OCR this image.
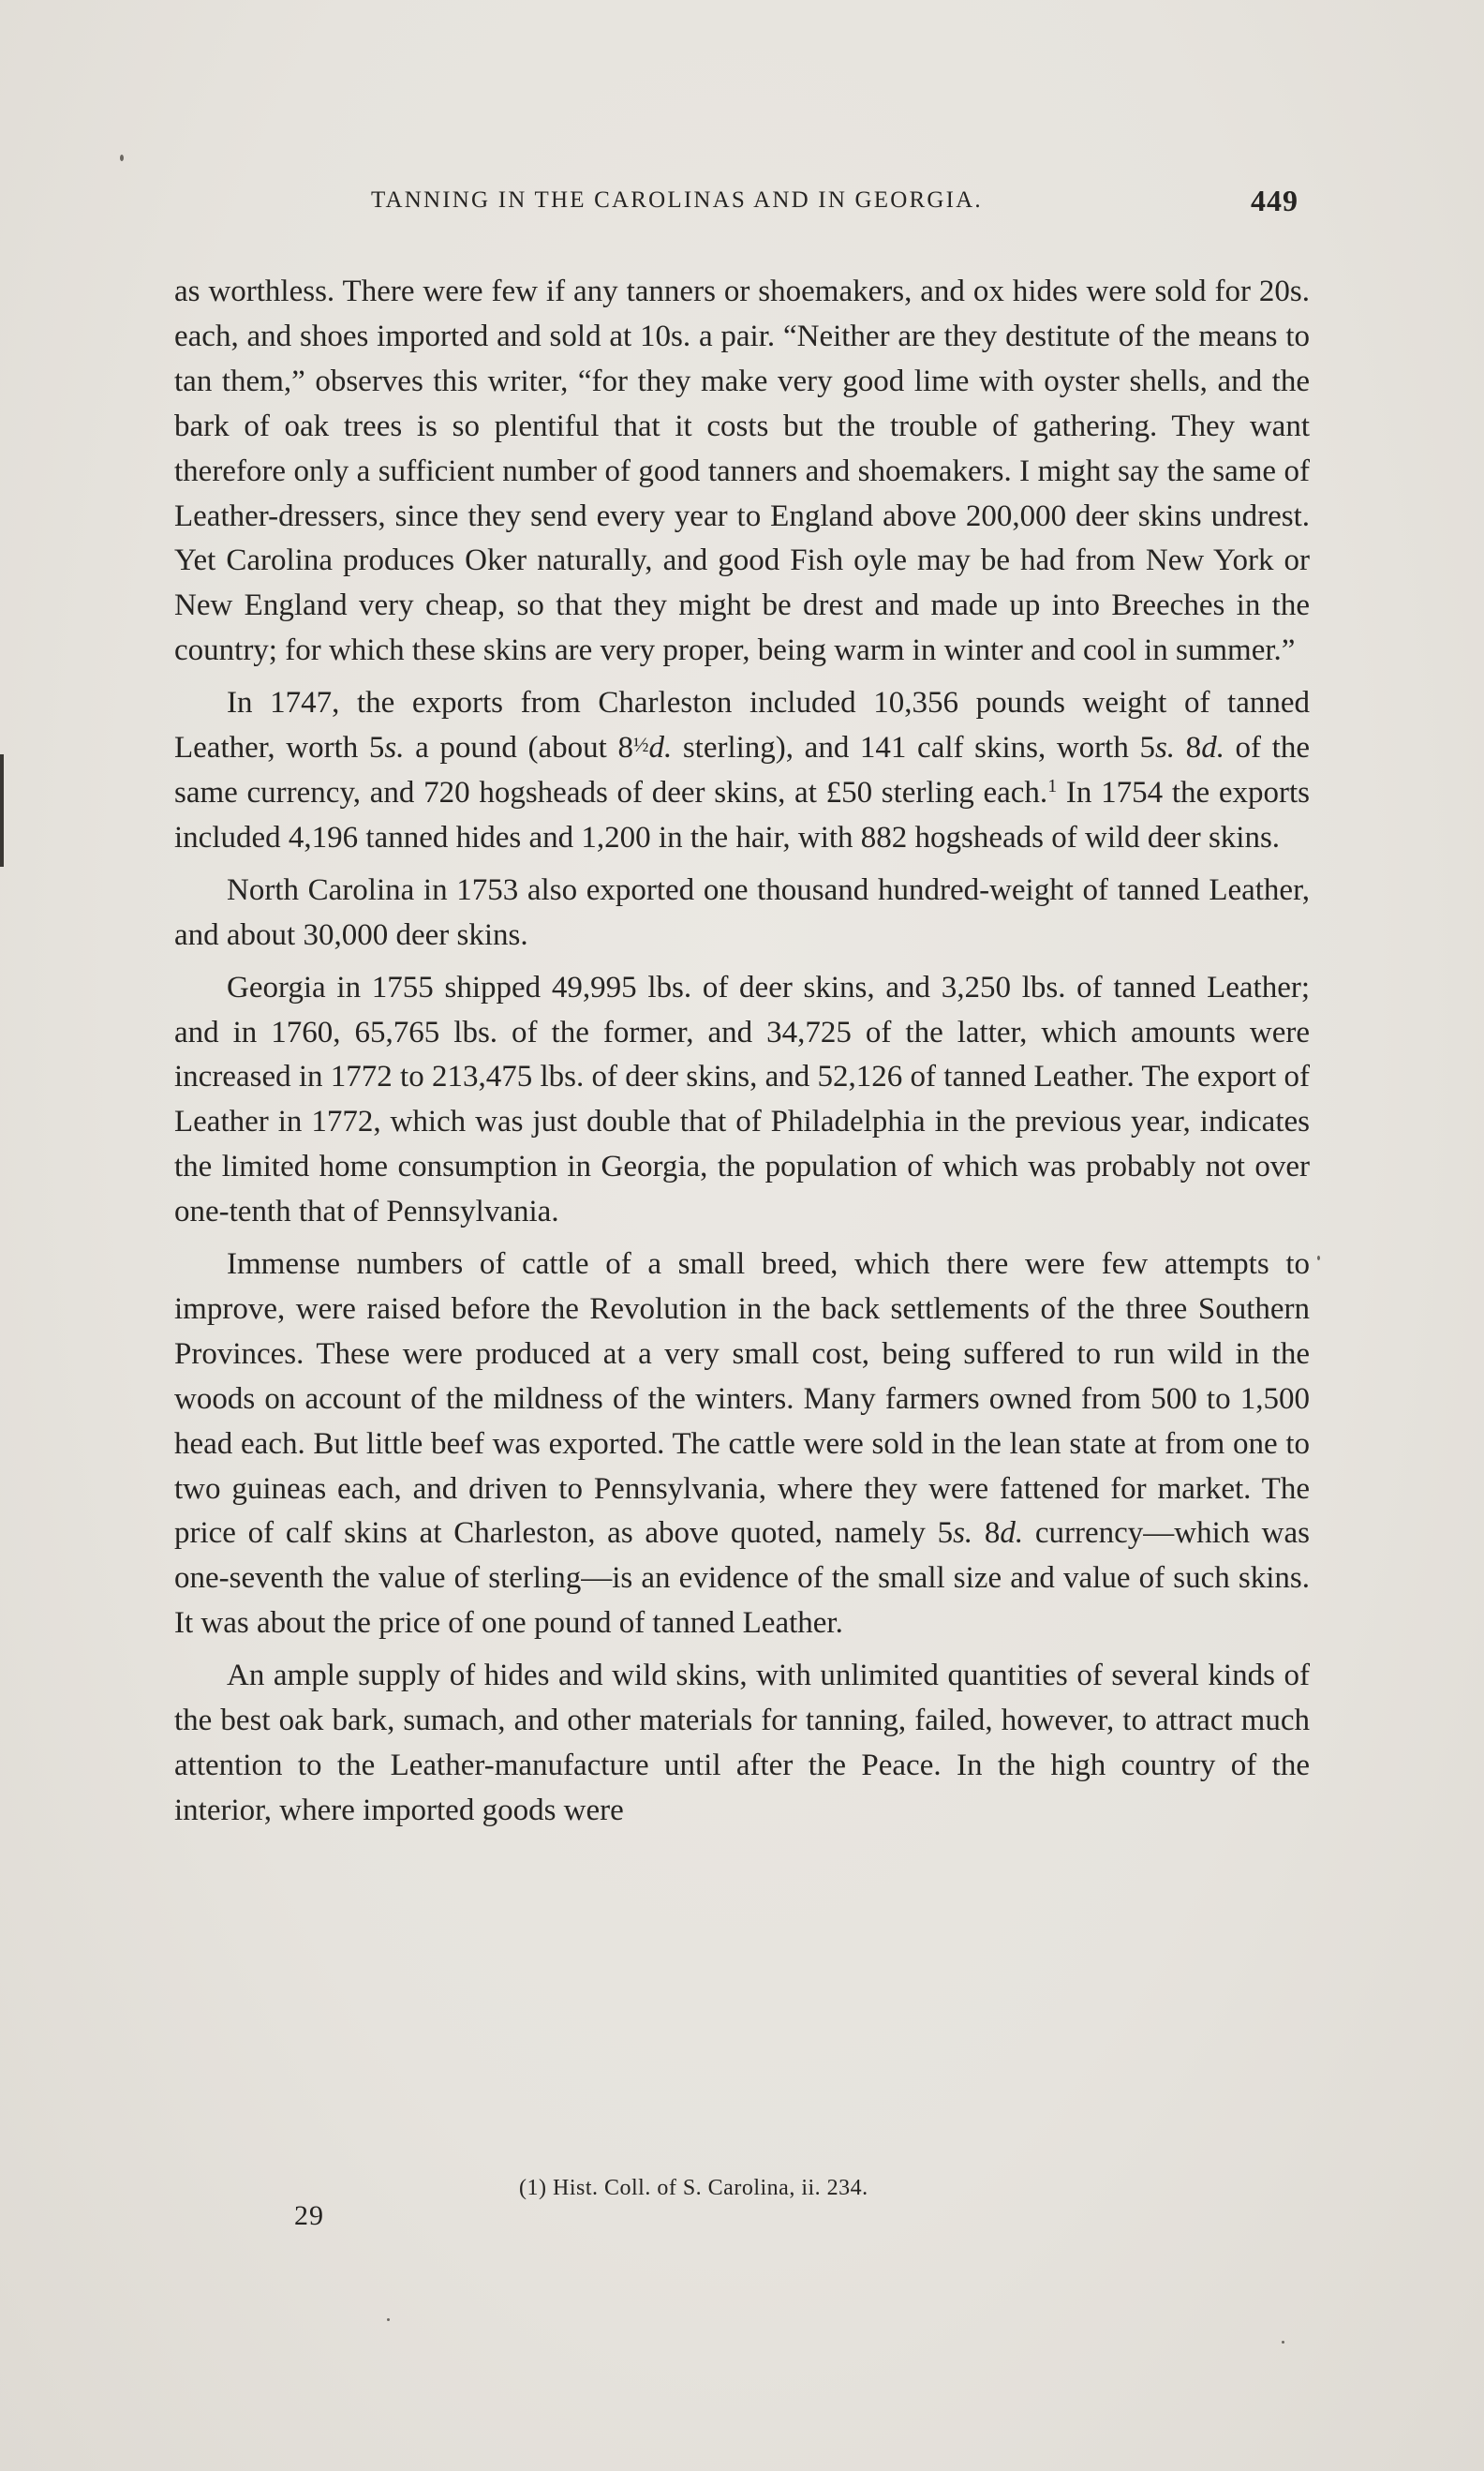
TANNING IN THE CAROLINAS AND IN GEORGIA.	449

as worthless. There were few if any tanners or shoemakers, and ox hides were sold for 20s. each, and shoes imported and sold at 10s. a pair. “Neither are they destitute of the means to tan them,” observes this writer, “for they make very good lime with oyster shells, and the bark of oak trees is so plentiful that it costs but the trouble of gathering. They want therefore only a sufficient number of good tanners and shoemakers. I might say the same of Leather-dressers, since they send every year to England above 200,000 deer skins undrest. Yet Carolina produces Oker naturally, and good Fish oyle may be had from New York or New England very cheap, so that they might be drest and made up into Breeches in the country; for which these skins are very proper, being warm in winter and cool in summer.”

In 1747, the exports from Charleston included 10,356 pounds weight of tanned Leather, worth 5s. a pound (about 8½d. sterling), and 141 calf skins, worth 5s. 8d. of the same currency, and 720 hogsheads of deer skins, at £50 sterling each.$^1$ In 1754 the exports included 4,196 tanned hides and 1,200 in the hair, with 882 hogsheads of wild deer skins.

North Carolina in 1753 also exported one thousand hundred-weight of tanned Leather, and about 30,000 deer skins.

Georgia in 1755 shipped 49,995 lbs. of deer skins, and 3,250 lbs. of tanned Leather; and in 1760, 65,765 lbs. of the former, and 34,725 of the latter, which amounts were increased in 1772 to 213,475 lbs. of deer skins, and 52,126 of tanned Leather. The export of Leather in 1772, which was just double that of Philadelphia in the previous year, indicates the limited home consumption in Georgia, the population of which was probably not over one-tenth that of Pennsylvania.

Immense numbers of cattle of a small breed, which there were few attempts to improve, were raised before the Revolution in the back settlements of the three Southern Provinces. These were produced at a very small cost, being suffered to run wild in the woods on account of the mildness of the winters. Many farmers owned from 500 to 1,500 head each. But little beef was exported. The cattle were sold in the lean state at from one to two guineas each, and driven to Pennsylvania, where they were fattened for market. The price of calf skins at Charleston, as above quoted, namely 5s. 8d. currency—which was one-seventh the value of sterling—is an evidence of the small size and value of such skins. It was about the price of one pound of tanned Leather.

An ample supply of hides and wild skins, with unlimited quantities of several kinds of the best oak bark, sumach, and other materials for tanning, failed, however, to attract much attention to the Leather-manufacture until after the Peace. In the high country of the interior, where imported goods were

(1) Hist. Coll. of S. Carolina, ii. 234.
29
